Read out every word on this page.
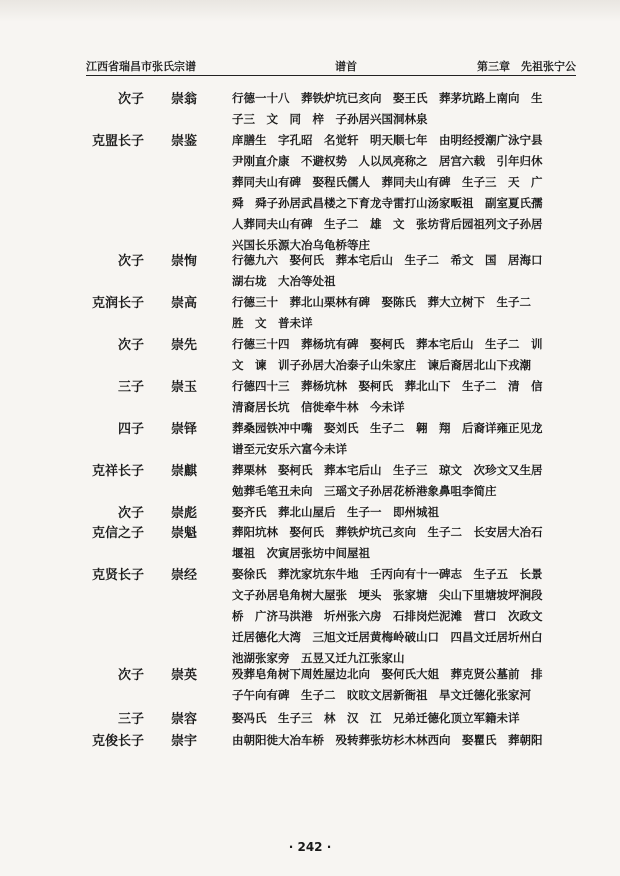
江西省瑞昌市张氏宗谱	谱首	第三章　先祖张宁公
次子 崇翁	行德一十八　葬铁炉坑已亥向　娶王氏　葬茅坑路上南向　生
子三　文　同　梓　子孙居兴国洞林泉
克盟长子 崇鉴	庠膳生　字孔昭　名觉轩　明天顺七年　由明经授潮广泳宁县
尹刚直介康　不避权势　人以凤亮称之　居宫六载　引年归休
葬同夫山有碑　娶程氏儒人　葬同夫山有碑　生子三　天　广
舜　舜子孙居武昌楼之下育龙寺雷打山汤家畈祖　副室夏氏孺
人葬同夫山有碑　生子二　雄　文　张坊背后园祖列文子孙居
兴国长乐源大冶乌龟桥等庄
次子 崇恂	行德九六　娶何氏　葬本宅后山　生子二　希文　国　居海口
湖右垅　大冶等处祖
克润长子 崇高	行德三十　葬北山栗林有碑　娶陈氏　葬大立树下　生子二
胜　文　普未详
次子 崇先	行德三十四　葬杨坑有碑　娶柯氏　葬本宅后山　生子二　训
文　谏　训子孙居大冶泰子山朱家庄　谏后裔居北山下戎潮
三子 崇玉	行德四十三　葬杨坑林　娶柯氏　葬北山下　生子二　清　信
清裔居长坑　信徙牵牛林　今未详
四子 崇铎	葬桑园铁冲中嘴　娶刘氏　生子二　翱　翔　后裔详雍正见龙
谱至元安乐六富今未详
克祥长子 崇麒	葬栗林　娶柯氏　葬本宅后山　生子三　琼文　次珍文又生居
勉葬毛笔丑未向　三瑶文子孙居花桥港象鼻咀李简庄
次子 崇彪	娶齐氏　葬北山屋后　生子一　即州城祖
克信之子 崇魁	葬阳坑林　娶何氏　葬铁炉坑己亥向　生子二　长安居大冶石
堰祖　次寅居张坊中间屋祖
克贤长子 崇经	娶徐氏　葬沈家坑东牛地　壬丙向有十一碑志　生子五　长景
文子孙居皂角树大屋张　埂头　张家塘　尖山下里塘坡坪涧段
桥　广济马洪港　圻州张六房　石排岗烂泥滩　营口　次政文
迁居德化大湾　三旭文迁居黄梅岭破山口　四昌文迁居圻州白
池湖张家旁　五昱又迁九江张家山
次子 崇英	殁葬皂角树下周姓屋边北向　娶何氏大姐　葬克贤公墓前　排
子午向有碑　生子二　旼旼文居新衙祖　旱文迁德化张家河
三子 崇容	娶冯氏　生子三　林　汉　江　兄弟迁德化顶立军籍未详
克俊长子 崇宇	由朝阳徙大冶车桥　殁转葬张坊杉木林西向　娶瞿氏　葬朝阳
· 242 ·
